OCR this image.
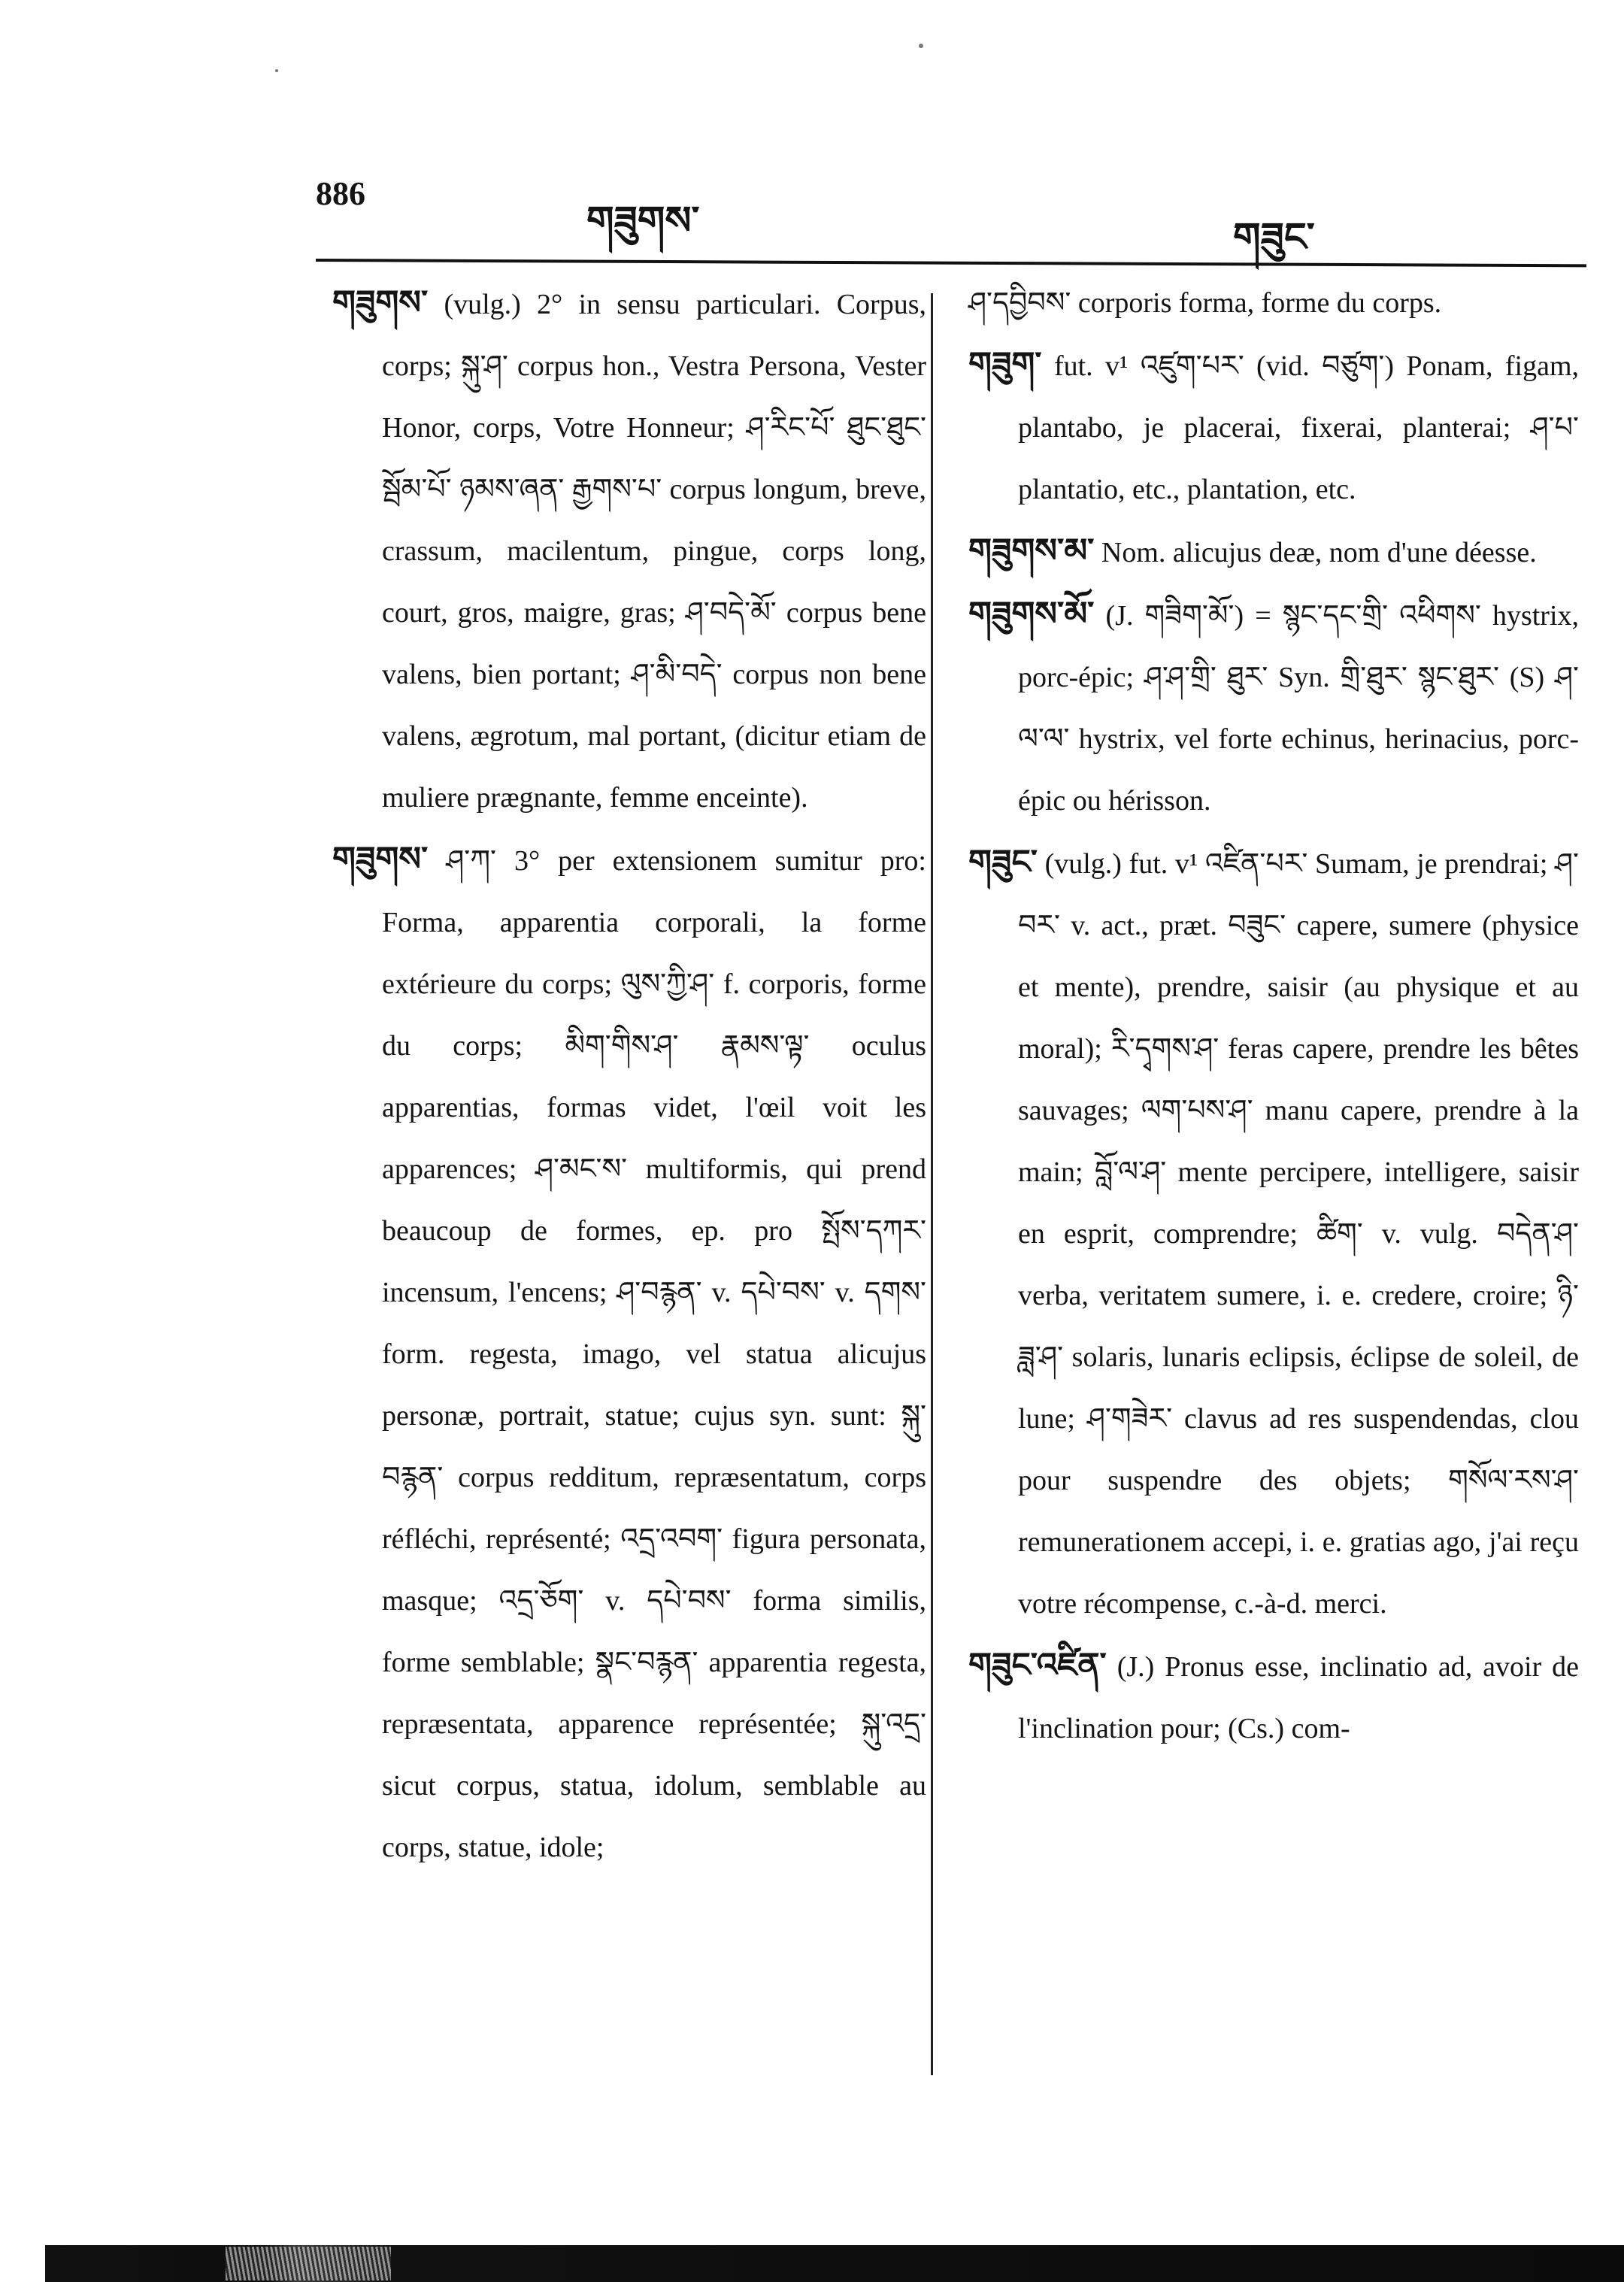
886
གཟུགས་	གཟུང་

གཟུགས་ (vulg.) 2° in sensu particulari. Corpus, corps; སྐུ་ཤ་ corpus hon., Vestra Persona, Vester Honor, corps, Votre Honneur; ཤ་རིང་པོ་ ཐུང་ཐུང་ སྦོམ་པོ་ ཉམས་ཞན་ རྒྱགས་པ་ corpus longum, breve, crassum, macilentum, pingue, corps long, court, gros, maigre, gras; ཤ་བདེ་མོ་ corpus bene valens, bien portant; ཤ་མི་བདེ་ corpus non bene valens, ægrotum, mal portant, (dicitur etiam de muliere prægnante, femme enceinte).

གཟུགས་ ཤ་ཀ་ 3° per extensionem sumitur pro: Forma, apparentia corporali, la forme extérieure du corps; ལུས་ཀྱི་ཤ་ f. corporis, forme du corps; མིག་གིས་ཤ་ རྣམས་ལྟ་ oculus apparentias, formas videt, l'œil voit les apparences; ཤ་མང་ས་ multiformis, qui prend beaucoup de formes, ep. pro སྤོས་དཀར་ incensum, l'encens; ཤ་བརྙན་ v. དཔེ་བས་ v. དགས་ form. regesta, imago, vel statua alicujus personæ, portrait, statue; cujus syn. sunt: སྐུ་བརྙན་ corpus redditum, repræsentatum, corps réfléchi, représenté; འདྲ་འབག་ figura personata, masque; འདྲ་ཅོག་ v. དཔེ་བས་ forma similis, forme semblable; སྣང་བརྙན་ apparentia regesta, repræsentata, apparence représentée; སྐུ་འདྲ་ sicut corpus, statua, idolum, semblable au corps, statue, idole;

ཤ་དབྱིབས་ corporis forma, forme du corps.

གཟུག་ fut. v¹ འཛུག་པར་ (vid. བཙུག་) Ponam, figam, plantabo, je placerai, fixerai, planterai; ཤ་པ་ plantatio, etc., plantation, etc.

གཟུགས་མ་ Nom. alicujus deæ, nom d'une déesse.

གཟུགས་མོ་ (J. གཟིག་མོ་) = སྙང་དང་གྲི་ འཕིགས་ hystrix, porc-épic; ཤ་ཤ་གྲི་ ཐུར་ Syn. གྲི་ཐུར་ སྙང་ཐུར་ (S) ཤ་ལ་ལ་ hystrix, vel forte echinus, herinacius, porc-épic ou hérisson.

གཟུང་ (vulg.) fut. v¹ འཛིན་པར་ Sumam, je prendrai; ཤ་བར་ v. act., præt. བཟུང་ capere, sumere (physice et mente), prendre, saisir (au physique et au moral); རི་དྭགས་ཤ་ feras capere, prendre les bêtes sauvages; ལག་པས་ཤ་ manu capere, prendre à la main; བློ་ལ་ཤ་ mente percipere, intelligere, saisir en esprit, comprendre; ཚིག་ v. vulg. བདེན་ཤ་ verba, veritatem sumere, i. e. credere, croire; ཉི་ ཟླ་ཤ་ solaris, lunaris eclipsis, éclipse de soleil, de lune; ཤ་གཟེར་ clavus ad res suspendendas, clou pour suspendre des objets; གསོལ་རས་ཤ་ remunerationem accepi, i. e. gratias ago, j'ai reçu votre récompense, c.-à-d. merci.

གཟུང་འཛིན་ (J.) Pronus esse, inclinatio ad, avoir de l'inclination pour; (Cs.) com-
